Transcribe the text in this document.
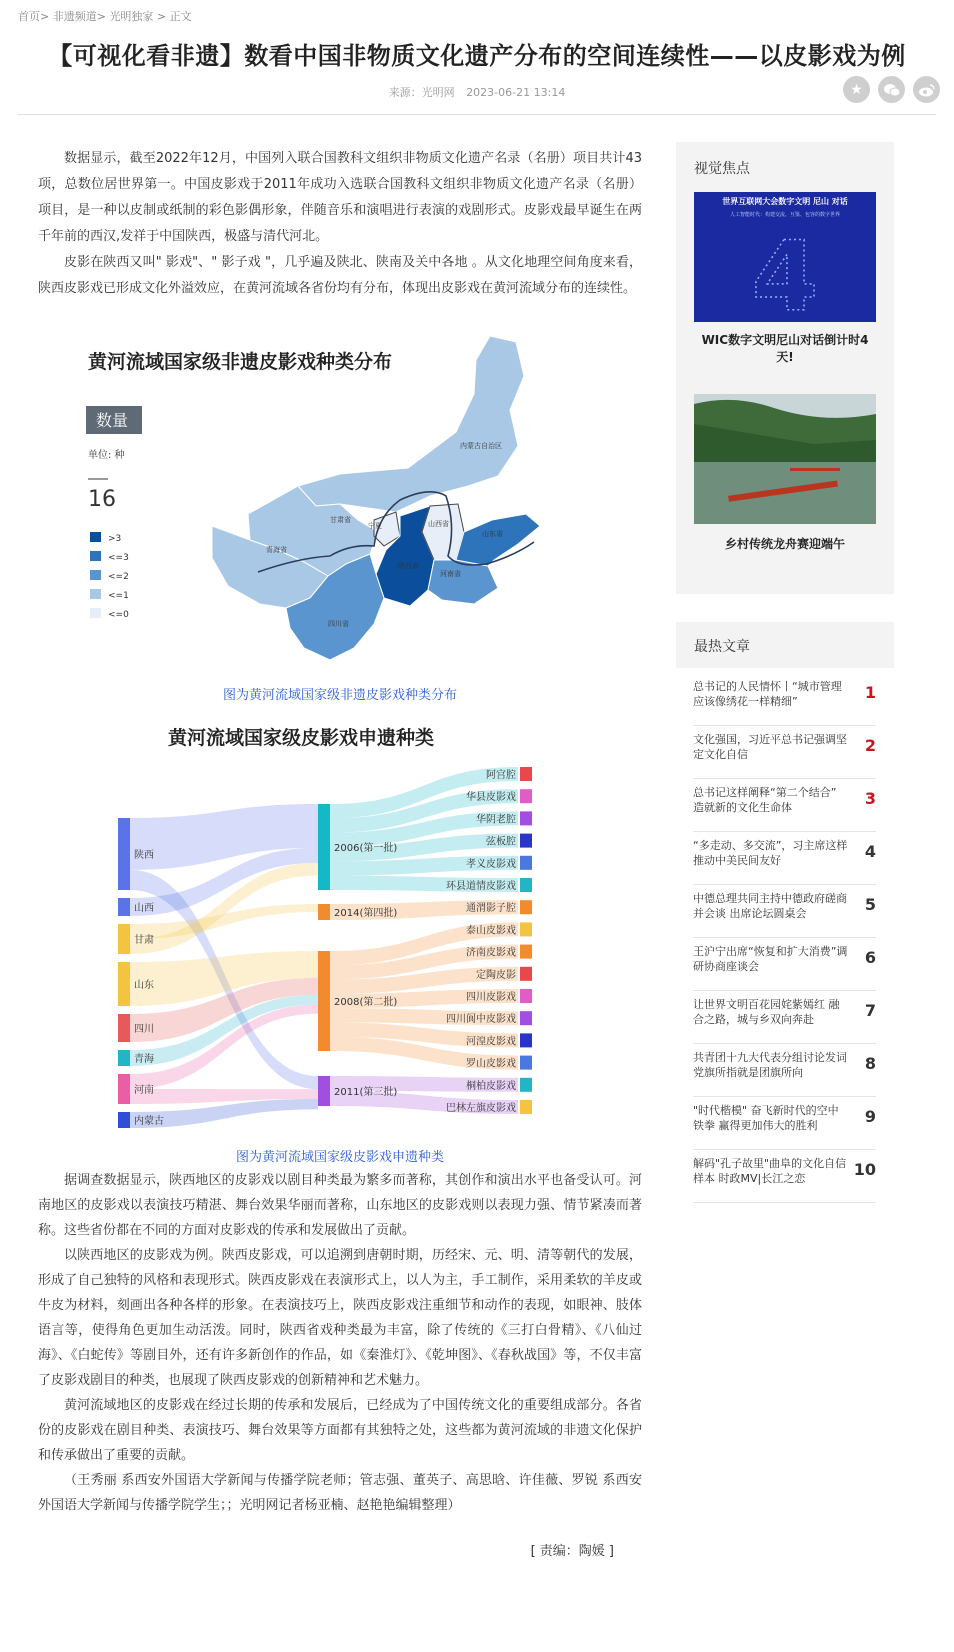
首页> 非遗频道> 光明独家 > 正文
【可视化看非遗】数看中国非物质文化遗产分布的空间连续性——以皮影戏为例
来源：光明网 2023-06-21 13:14	★

数据显示，截至2022年12月，中国列入联合国教科文组织非物质文化遗产名录（名册）项目共计43项，总数位居世界第一。中国皮影戏于2011年成功入选联合国教科文组织非物质文化遗产名录（名册）项目，是一种以皮制或纸制的彩色影偶形象，伴随音乐和演唱进行表演的戏剧形式。皮影戏最早诞生在两千年前的西汉,发祥于中国陕西，极盛与清代河北。

皮影在陕西又叫" 影戏"、" 影子戏 "，几乎遍及陕北、陕南及关中各地 。从文化地理空间角度来看，陕西皮影戏已形成文化外溢效应，在黄河流域各省份均有分布，体现出皮影戏在黄河流域分布的连续性。

黄河流域国家级非遗皮影戏种类分布
数量
单位: 种
16
>3
<=3
<=2
<=1
<=0
内蒙古自治区
宁夏
甘肃省
青海省
陕西省
山西省
河南省
山东省
四川省
图为黄河流域国家级非遗皮影戏种类分布
黄河流域国家级皮影戏申遗种类
陕西
山西
甘肃
山东
四川
青海
河南
内蒙古
2006(第一批)
2014(第四批)
2008(第二批)
2011(第三批)
阿宫腔
华县皮影戏
华阴老腔
弦板腔
孝义皮影戏
环县道情皮影戏
通渭影子腔
泰山皮影戏
济南皮影戏
定陶皮影
四川皮影戏
四川阆中皮影戏
河湟皮影戏
罗山皮影戏
桐柏皮影戏
巴林左旗皮影戏
图为黄河流域国家级皮影戏申遗种类

据调查数据显示，陕西地区的皮影戏以剧目种类最为繁多而著称，其创作和演出水平也备受认可。河南地区的皮影戏以表演技巧精湛、舞台效果华丽而著称，山东地区的皮影戏则以表现力强、情节紧凑而著称。这些省份都在不同的方面对皮影戏的传承和发展做出了贡献。

以陕西地区的皮影戏为例。陕西皮影戏，可以追溯到唐朝时期，历经宋、元、明、清等朝代的发展，形成了自己独特的风格和表现形式。陕西皮影戏在表演形式上，以人为主，手工制作，采用柔软的羊皮或牛皮为材料，刻画出各种各样的形象。在表演技巧上，陕西皮影戏注重细节和动作的表现，如眼神、肢体语言等，使得角色更加生动活泼。同时，陕西省戏种类最为丰富，除了传统的《三打白骨精》、《八仙过海》、《白蛇传》等剧目外，还有许多新创作的作品，如《秦淮灯》、《乾坤图》、《春秋战国》等，不仅丰富了皮影戏剧目的种类，也展现了陕西皮影戏的创新精神和艺术魅力。

黄河流域地区的皮影戏在经过长期的传承和发展后，已经成为了中国传统文化的重要组成部分。各省份的皮影戏在剧目种类、表演技巧、舞台效果等方面都有其独特之处，这些都为黄河流域的非遗文化保护和传承做出了重要的贡献。

（王秀丽 系西安外国语大学新闻与传播学院老师；管志强、董英子、高思晗、许佳薇、罗锐 系西安外国语大学新闻与传播学院学生；；光明网记者杨亚楠、赵艳艳编辑整理）

[ 责编：陶媛 ]
视觉焦点
世界互联网大会数字文明 尼山 对话
人工智能时代：构建交流、互鉴、包容的数字世界
4
WIC数字文明尼山对话倒计时4天!
乡村传统龙舟赛迎端午
最热文章
总书记的人民情怀丨“城市管理应该像绣花一样精细”	1
文化强国，习近平总书记强调坚定文化自信	2
总书记这样阐释“第二个结合” 造就新的文化生命体	3
“多走动、多交流”，习主席这样推动中美民间友好	4
中德总理共同主持中德政府磋商并会谈 出席论坛圆桌会	5
王沪宁出席“恢复和扩大消费”调研协商座谈会	6
让世界文明百花园姹紫嫣红 融合之路，城与乡双向奔赴	7
共青团十九大代表分组讨论发词 党旗所指就是团旗所向	8
"时代楷模" 奋飞新时代的空中铁拳 赢得更加伟大的胜利	9
解码"孔子故里"曲阜的文化自信样本 时政MV|长江之恋	10
